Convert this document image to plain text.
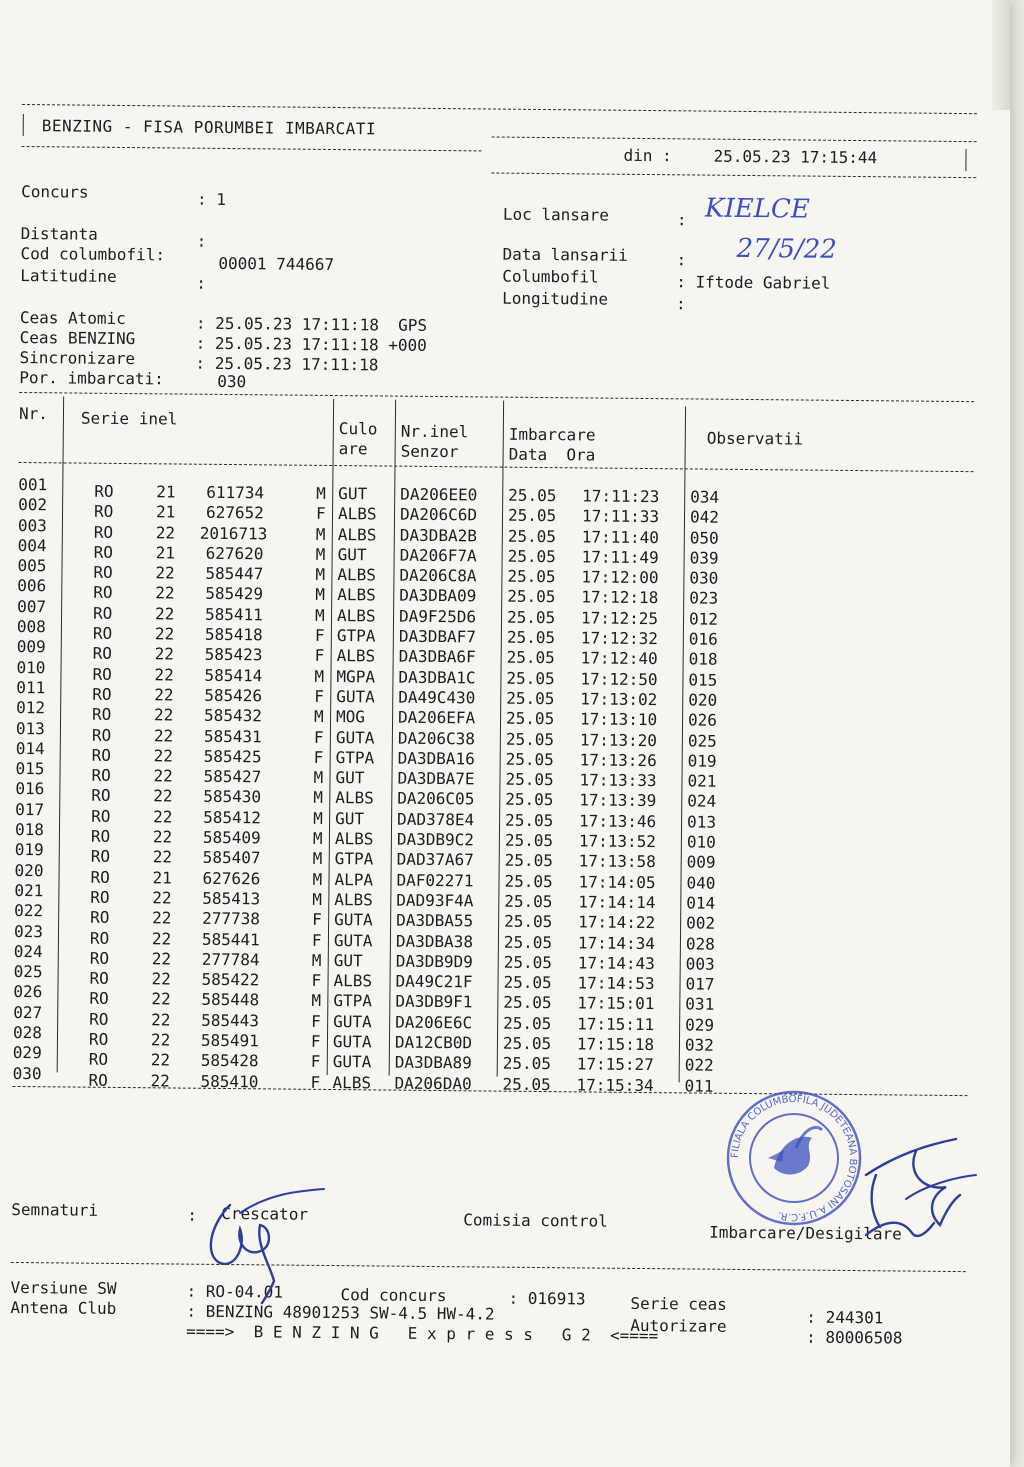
BENZING - FISA PORUMBEI IMBARCATI

din :

	25.05.23 17:15:44

Concurs

	: 1

Distanta

	:

Cod columbofil:

	00001 744667

Latitudine

	:

Loc lansare

	:

KIELCE

Data lansarii

	:

27/5/22

Columbofil

	: Iftode Gabriel

Longitudine

	:

Ceas Atomic

	: 25.05.23 17:11:18  GPS

Ceas BENZING

	: 25.05.23 17:11:18 +000

Sincronizare

	: 25.05.23 17:11:18

Por. imbarcati:

	030

Nr.

Serie inel

Culo

are

Nr.inel

Senzor

Imbarcare

Data  Ora

Observatii

001	RO	21 611734	M GUT DA206EE0 25.05 17:11:23 034
002	RO	21 627652	F ALBS DA206C6D 25.05 17:11:33 042
003	RO	22 2016713	M ALBS DA3DBA2B 25.05 17:11:40 050
004	RO	21 627620	M GUT DA206F7A 25.05 17:11:49 039
005	RO	22 585447	M ALBS DA206C8A 25.05 17:12:00 030
006	RO	22 585429	M ALBS DA3DBA09 25.05 17:12:18 023
007	RO	22 585411	M ALBS DA9F25D6 25.05 17:12:25 012
008	RO	22 585418	F GTPA DA3DBAF7 25.05 17:12:32 016
009	RO	22 585423	F ALBS DA3DBA6F 25.05 17:12:40 018
010	RO	22 585414	M MGPA DA3DBA1C 25.05 17:12:50 015
011	RO	22 585426	F GUTA DA49C430 25.05 17:13:02 020
012	RO	22 585432	M MOG DA206EFA 25.05 17:13:10 026
013	RO	22 585431	F GUTA DA206C38 25.05 17:13:20 025
014	RO	22 585425	F GTPA DA3DBA16 25.05 17:13:26 019
015	RO	22 585427	M GUT DA3DBA7E 25.05 17:13:33 021
016	RO	22 585430	M ALBS DA206C05 25.05 17:13:39 024
017	RO	22 585412	M GUT DAD378E4 25.05 17:13:46 013
018	RO	22 585409	M ALBS DA3DB9C2 25.05 17:13:52 010
019	RO	22 585407	M GTPA DAD37A67 25.05 17:13:58 009
020	RO	21 627626	M ALPA DAF02271 25.05 17:14:05 040
021	RO	22 585413	M ALBS DAD93F4A 25.05 17:14:14 014
022	RO	22 277738	F GUTA DA3DBA55 25.05 17:14:22 002
023	RO	22 585441	F GUTA DA3DBA38 25.05 17:14:34 028
024	RO	22 277784	M GUT DA3DB9D9 25.05 17:14:43 003
025	RO	22 585422	F ALBS DA49C21F 25.05 17:14:53 017
026	RO	22 585448	M GTPA DA3DB9F1 25.05 17:15:01 031
027	RO	22 585443	F GUTA DA206E6C 25.05 17:15:11 029
028	RO	22 585491	F GUTA DA12CB0D 25.05 17:15:18 032
029	RO	22 585428	F GUTA DA3DBA89 25.05 17:15:27 022
030	RO	22 585410	F ALBS DA206DA0 25.05 17:15:34 011

Semnaturi

	:

Crescator

	Comisia control

Imbarcare/Desigilare

Versiune SW

	: RO-04.01

	Cod concurs

	: 016913

	Serie ceas

: 244301

Antena Club

	: BENZING 48901253 SW-4.5 HW-4.2

Autorizare

: 80006508

====>  B E N Z I N G   E x p r e s s   G 2  <====

FILIALA COLUMBOFILA JUDETEANA BOTOSANI A.U.F.C.R.
